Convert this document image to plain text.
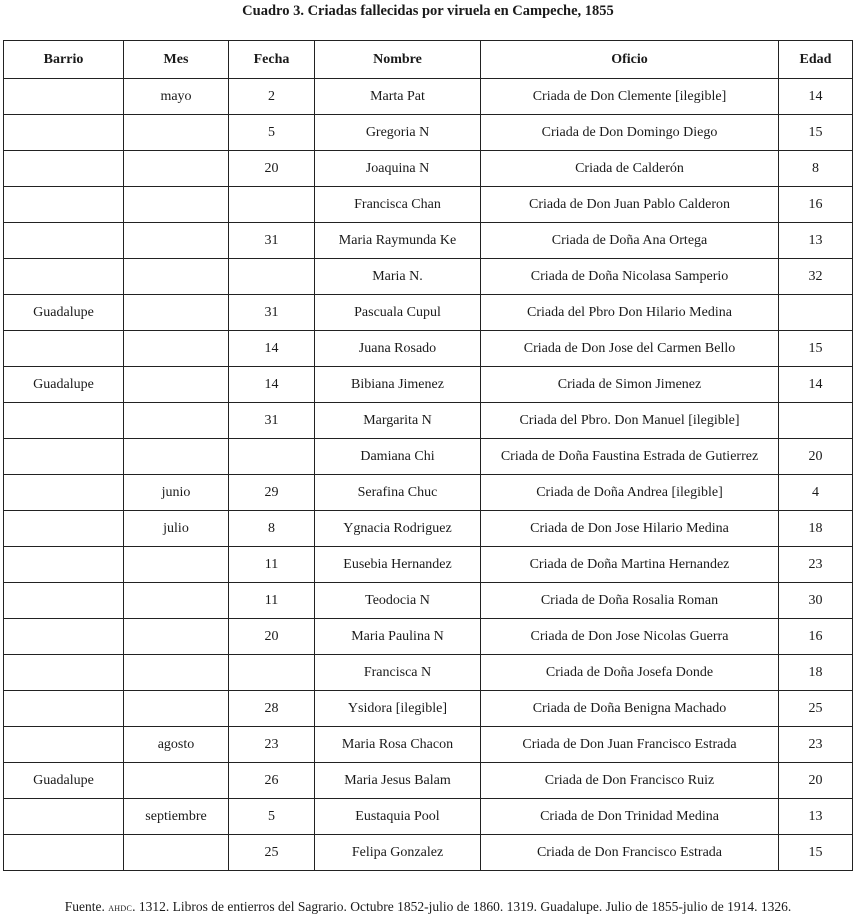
Cuadro 3. Criadas fallecidas por viruela en Campeche, 1855
Barrio	Mes	Fecha	Nombre	Oficio	Edad
	mayo	2	Marta Pat	Criada de Don Clemente [ilegible]	14
		5	Gregoria N	Criada de Don Domingo Diego	15
		20	Joaquina N	Criada de Calderón	8
			Francisca Chan	Criada de Don Juan Pablo Calderon	16
		31	Maria Raymunda Ke	Criada de Doña Ana Ortega	13
			Maria N.	Criada de Doña Nicolasa Samperio	32
Guadalupe		31	Pascuala Cupul	Criada del Pbro Don Hilario Medina	
		14	Juana Rosado	Criada de Don Jose del Carmen Bello	15
Guadalupe		14	Bibiana Jimenez	Criada de Simon Jimenez	14
		31	Margarita N	Criada del Pbro. Don Manuel [ilegible]	
			Damiana Chi	Criada de Doña Faustina Estrada de Gutierrez	20
	junio	29	Serafina Chuc	Criada de Doña Andrea [ilegible]	4
	julio	8	Ygnacia Rodriguez	Criada de Don Jose Hilario Medina	18
		11	Eusebia Hernandez	Criada de Doña Martina Hernandez	23
		11	Teodocia N	Criada de Doña Rosalia Roman	30
		20	Maria Paulina N	Criada de Don Jose Nicolas Guerra	16
			Francisca N	Criada de Doña Josefa Donde	18
		28	Ysidora [ilegible]	Criada de Doña Benigna Machado	25
	agosto	23	Maria Rosa Chacon	Criada de Don Juan Francisco Estrada	23
Guadalupe		26	Maria Jesus Balam	Criada de Don Francisco Ruiz	20
	septiembre	5	Eustaquia Pool	Criada de Don Trinidad Medina	13
		25	Felipa Gonzalez	Criada de Don Francisco Estrada	15
Fuente. ahdc. 1312. Libros de entierros del Sagrario. Octubre 1852-julio de 1860. 1319. Guadalupe. Julio de 1855-julio de 1914. 1326.
